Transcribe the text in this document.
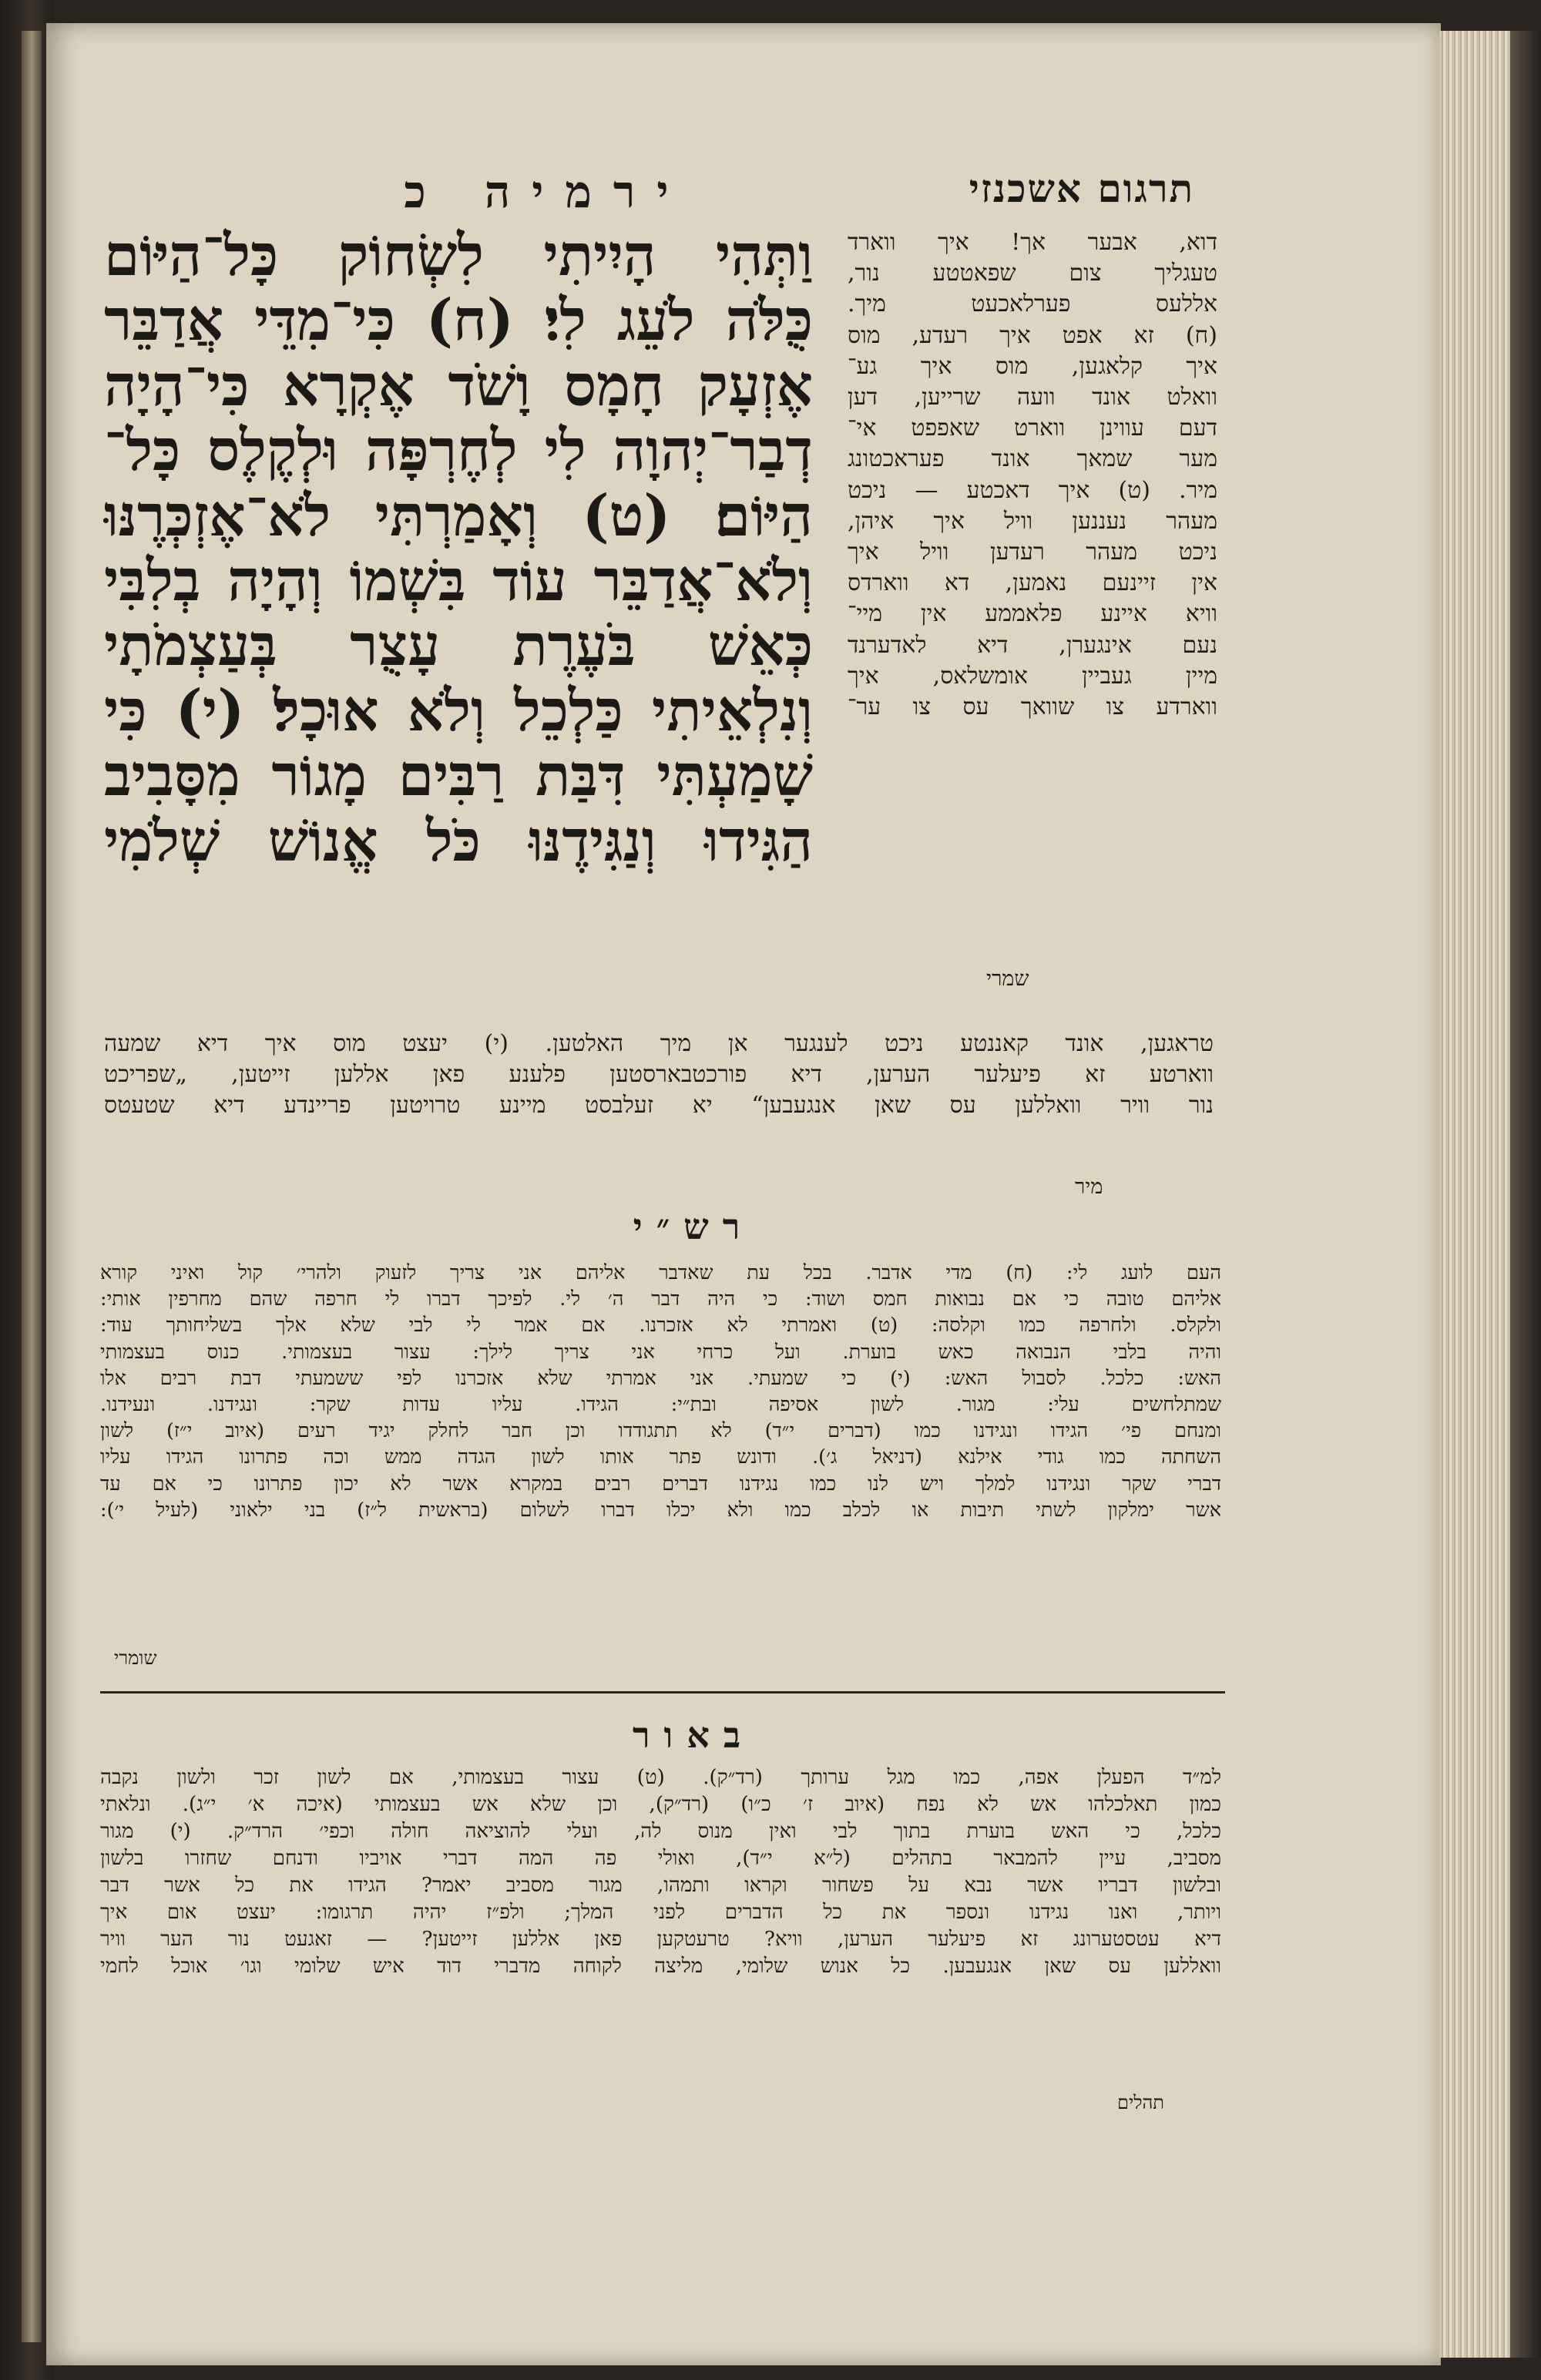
ירמיה כ	תרגום אשכנזי
וַתְּהִי הָיִיתִי לִשְׂחוֹק כָּל־הַיּוֹם
כֻּלֹּה לֹעֵג לִי׃ (ח) כִּי־מִדֵּי אֲדַבֵּר
אֶזְעָק חָמָס וָשֹׁד אֶקְרָא כִּי־הָיָה
דְבַר־יְהוָה לִי לְחֶרְפָּה וּלְקֶלֶס כָּל־
הַיּוֹם׃ (ט) וְאָמַרְתִּי לֹא־אֶזְכְּרֶנּוּ
וְלֹא־אֲדַבֵּר עוֹד בִּשְׁמוֹ וְהָיָה בְלִבִּי
כְּאֵשׁ בֹּעֶרֶת עָצֻר בְּעַצְמֹתָי
וְנִלְאֵיתִי כַּלְכֵל וְלֹא אוּכָל׃ (י) כִּי
שָׁמַעְתִּי דִּבַּת רַבִּים מָגוֹר מִסָּבִיב
הַגִּידוּ וְנַגִּידֶנּוּ כֹּל אֱנוֹשׁ שְׁלֹמִי
שמרי
דוא, אבער אך! איך ווארד
טעגליך צום שפאטטע נור,
אללעס פערלאכעט מיך.
(ח) זא אפט איך רעדע, מוס
איך קלאגען, מוס איך גע־
וואלט אונד וועה שרייען, דען
דעם עווינן ווארט שאפפט אי־
מער שמאך אונד פעראכטונג
מיר. (ט) איך דאכטע — ניכט
מעהר נעננען וויל איך איהן,
ניכט מעהר רעדען וויל איך
אין זיינעם נאמען, דא ווארדס
וויא איינע פלאממע אין מיי־
נעם אינגערן, דיא לאדערנד
מיין געביין אומשלאס, איך
ווארדע צו שוואך עס צו ער־
טראגען, אונד קאננטע ניכט לענגער אן מיך האלטען. (י) יעצט מוס איך דיא שמעה
ווארטע זא פיעלער הערען, דיא פורכטבארסטען פלענע פאן אללען זייטען, „שפריכט
נור וויר וואללען עס שאן אנגעבען“ יא זעלבסט מיינע טרויטען פריינדע דיא שטעטס
מיר
רש״י
העם לועג לי: (ח) מדי אדבר. בכל עת שאדבר אליהם אני צריך לזעוק ולהרי׳ קול ואיני קורא
אליהם טובה כי אם נבואות חמס ושוד: כי היה דבר ה׳ לי. לפיכך דברו לי חרפה שהם מחרפין אותי:
ולקלס. ולחרפה כמו וקלסה: (ט) ואמרתי לא אזכרנו. אם אמר לי לבי שלא אלך בשליחותך עוד:
והיה בלבי הנבואה כאש בוערת. ועל כרחי אני צריך לילך: עצור בעצמותי. כנוס בעצמותי
האש: כלכל. לסבול האש: (י) כי שמעתי. אני אמרתי שלא אזכרנו לפי ששמעתי דבת רבים אלו
שמתלחשים עלי: מגור. לשון אסיפה ובת״י: הגידו. עליו עדות שקר: ונגידנו. ונעידנו.
ומנחם פי׳ הגידו ונגידנו כמו (דברים י״ד) לא תתגודדו וכן חבר לחלק יגיד רעים (איוב י״ז) לשון
השחתה כמו גודי אילנא (דניאל ג׳). ודונש פתר אותו לשון הגדה ממש וכה פתרונו הגידו עליו
דברי שקר ונגידנו למלך ויש לנו כמו נגידנו דברים רבים במקרא אשר לא יכון פתרונו כי אם עד
אשר ימלקון לשתי תיבות או לכלב כמו ולא יכלו דברו לשלום (בראשית ל״ז) בני ילאוני (לעיל י׳):
שומרי
באור
למ״ד הפעלן אפה, כמו מגל ערותך (רד״ק). (ט) עצור בעצמותי, אם לשון זכר ולשון נקבה
כמון תאלכלהו אש לא נפח (איוב ז׳ כ״ו) (רד״ק), וכן שלא אש בעצמותי (איכה א׳ י״ג). ונלאתי
כלכל, כי האש בוערת בתוך לבי ואין מנוס לה, ועלי להוציאה חולה וכפי׳ הרד״ק. (י) מגור
מסביב, עיין להמבאר בתהלים (ל״א י״ד), ואולי פה המה דברי אויביו ודנחם שחזרו בלשון
ובלשון דבריו אשר נבא על פשחור וקראו ותמהו, מגור מסביב יאמר? הגידו את כל אשר דבר
ויותר, ואנו נגידנו ונספר את כל הדברים לפני המלך; ולפ״ז יהיה תרגומו: יעצט אום איך
דיא עטסטערונג זא פיעלער הערען, וויא? טרעטקען פאן אללען זייטען? — זאגעט נור הער וויר
וואללען עס שאן אנגעבען. כל אנוש שלומי, מליצה לקוחה מדברי דוד איש שלומי וגו׳ אוכל לחמי
תהלים
